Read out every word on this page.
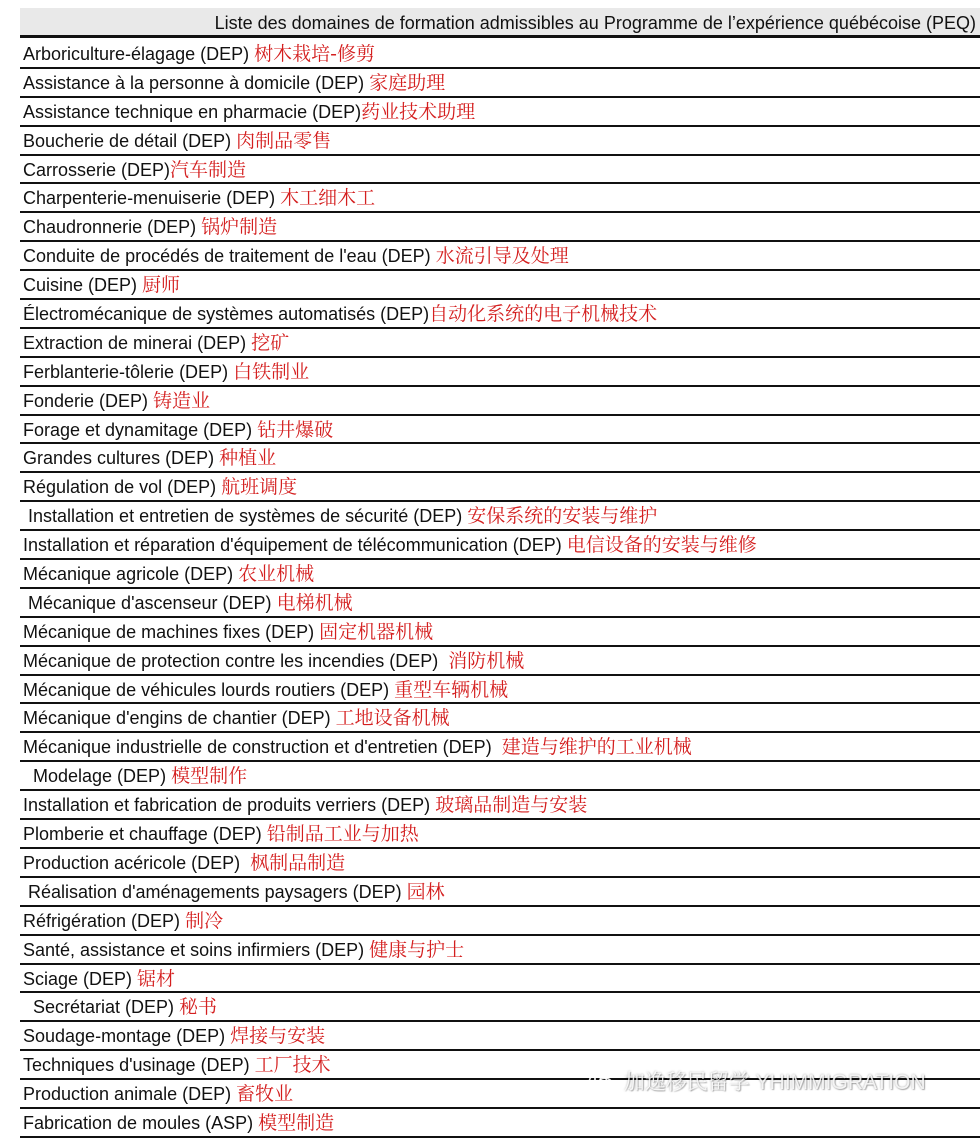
Liste des domaines de formation admissibles au Programme de l’expérience québécoise (PEQ)
Arboriculture-élagage (DEP) 树木栽培-修剪
Assistance à la personne à domicile (DEP) 家庭助理
Assistance technique en pharmacie (DEP)药业技术助理
Boucherie de détail (DEP) 肉制品零售
Carrosserie (DEP)汽车制造
Charpenterie-menuiserie (DEP) 木工细木工
Chaudronnerie (DEP) 锅炉制造
Conduite de procédés de traitement de l'eau (DEP) 水流引导及处理
Cuisine (DEP) 厨师
Électromécanique de systèmes automatisés (DEP)自动化系统的电子机械技术
Extraction de minerai (DEP) 挖矿
Ferblanterie-tôlerie (DEP) 白铁制业
Fonderie (DEP) 铸造业
Forage et dynamitage (DEP) 钻井爆破
Grandes cultures (DEP) 种植业
Régulation de vol (DEP) 航班调度
Installation et entretien de systèmes de sécurité (DEP) 安保系统的安装与维护
Installation et réparation d'équipement de télécommunication (DEP) 电信设备的安装与维修
Mécanique agricole (DEP) 农业机械
Mécanique d'ascenseur (DEP) 电梯机械
Mécanique de machines fixes (DEP) 固定机器机械
Mécanique de protection contre les incendies (DEP)  消防机械
Mécanique de véhicules lourds routiers (DEP) 重型车辆机械
Mécanique d'engins de chantier (DEP) 工地设备机械
Mécanique industrielle de construction et d'entretien (DEP)  建造与维护的工业机械
Modelage (DEP) 模型制作
Installation et fabrication de produits verriers (DEP) 玻璃品制造与安装
Plomberie et chauffage (DEP) 铅制品工业与加热
Production acéricole (DEP)  枫制品制造
Réalisation d'aménagements paysagers (DEP) 园林
Réfrigération (DEP) 制冷
Santé, assistance et soins infirmiers (DEP) 健康与护士
Sciage (DEP) 锯材
Secrétariat (DEP) 秘书
Soudage-montage (DEP) 焊接与安装
Techniques d'usinage (DEP) 工厂技术
Production animale (DEP) 畜牧业
Fabrication de moules (ASP) 模型制造
加逸移民留学 YHIMMIGRATION
